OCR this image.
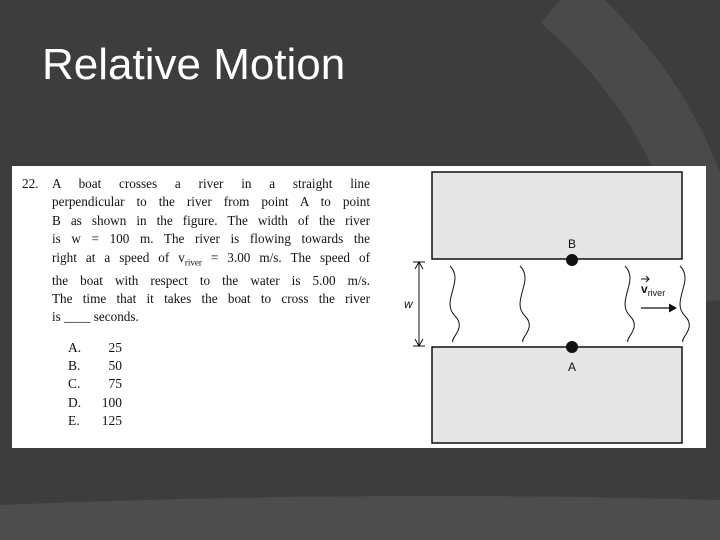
Relative Motion
22. A boat crosses a river in a straight line
perpendicular to the river from point A to point
B as shown in the figure. The width of the river
is w = 100 m. The river is flowing towards the
right at a speed of $v_{river} = 3.00$ m/s. The speed of
the boat with respect to the water is 5.00 m/s.
The time that it takes the boat to cross the river
is ____ seconds.
A.	25
B.	50
C.	75
D.	100
E.	125
w
B
A
$v_{river}$
